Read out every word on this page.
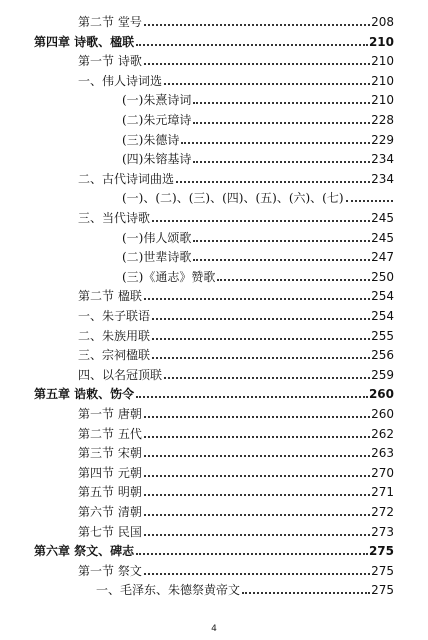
第二节 堂号	208
第四章 诗歌、楹联	210
第一节 诗歌	210
一、伟人诗词选	210
(一)朱熹诗词	210
(二)朱元璋诗	228
(三)朱德诗	229
(四)朱镕基诗	234
二、古代诗词曲选	234
(一)、(二)、(三)、(四)、(五)、(六)、(七)
三、当代诗歌	245
(一)伟人颂歌	245
(二)世辈诗歌	247
(三)《通志》赞歌	250
第二节 楹联	254
一、朱子联语	254
二、朱族用联	255
三、宗祠楹联	256
四、以名冠顶联	259
第五章 诰敕、饬令	260
第一节 唐朝	260
第二节 五代	262
第三节 宋朝	263
第四节 元朝	270
第五节 明朝	271
第六节 清朝	272
第七节 民国	273
第六章 祭文、碑志	275
第一节 祭文	275
一、毛泽东、朱德祭黄帝文	275
4
